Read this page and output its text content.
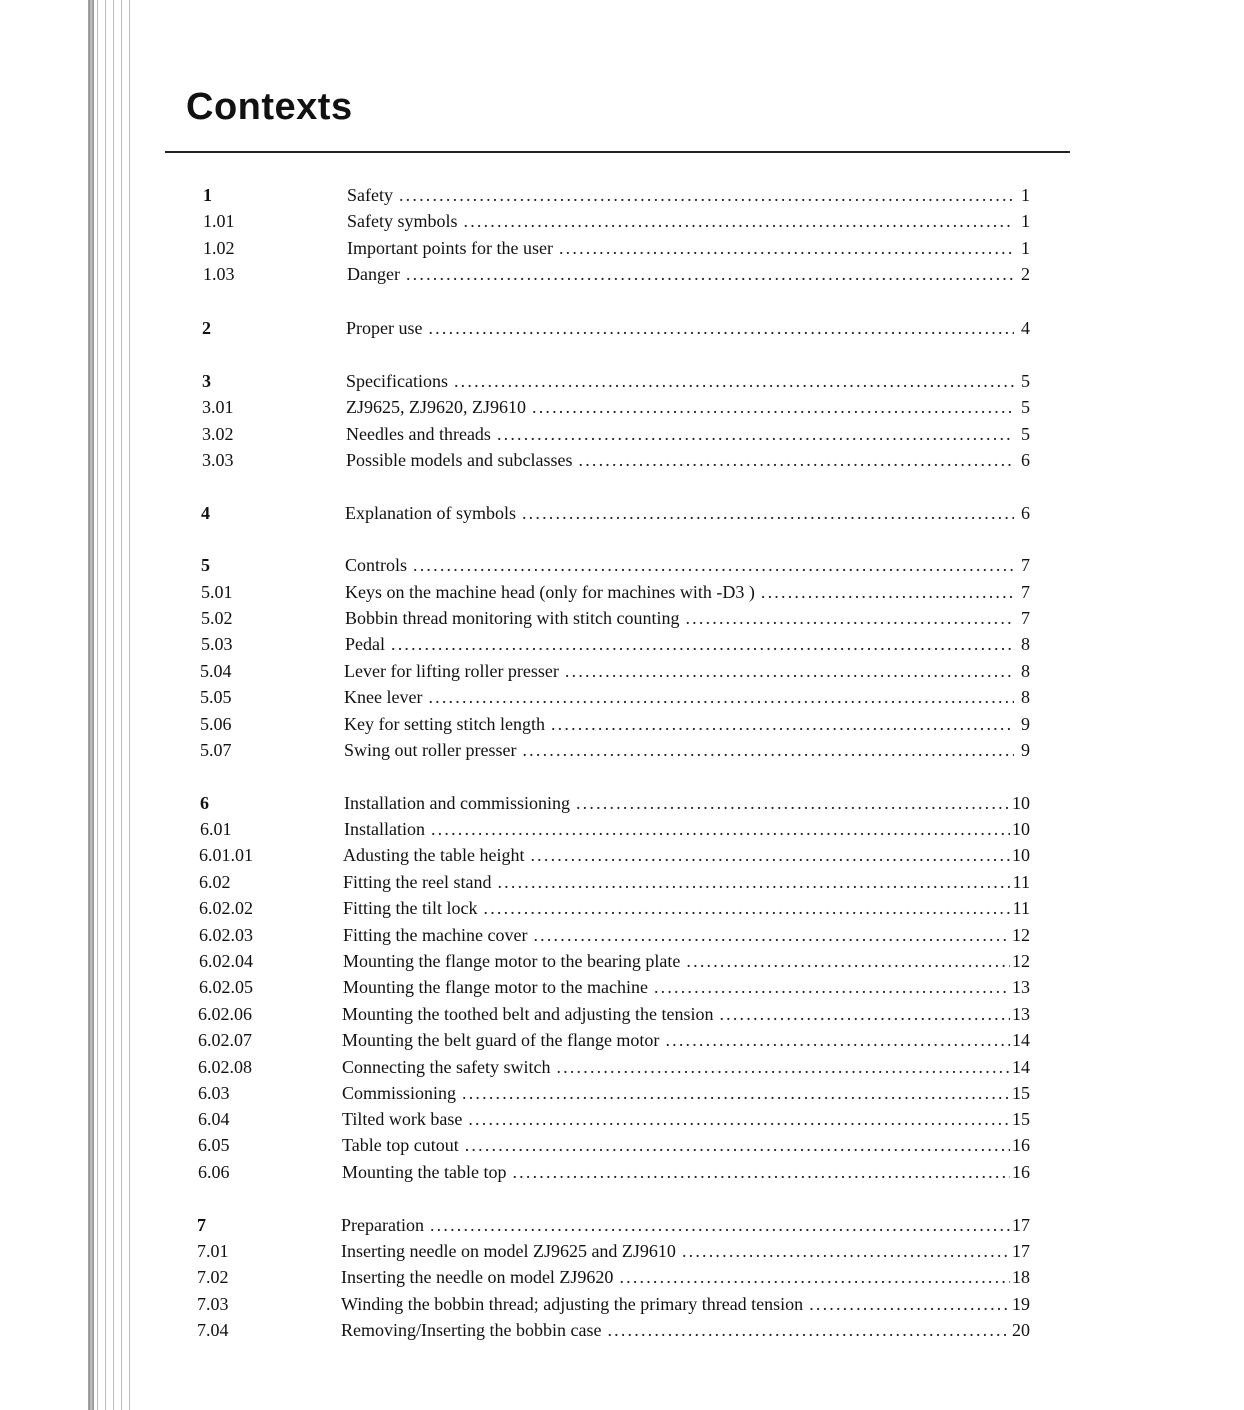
Contexts
1	Safety .....	1
1.01	Safety symbols .....	1
1.02	Important points for the user .....	1
1.03	Danger .....	2
2	Proper use .....	4
3	Specifications .....	5
3.01	ZJ9625, ZJ9620, ZJ9610 .....	5
3.02	Needles and threads .....	5
3.03	Possible models and subclasses .....	6
4	Explanation of symbols .....	6
5	Controls .....	7
5.01	Keys on the machine head (only for machines with -D3 ) .....	7
5.02	Bobbin thread monitoring with stitch counting .....	7
5.03	Pedal .....	8
5.04	Lever for lifting roller presser .....	8
5.05	Knee lever .....	8
5.06	Key for setting stitch length .....	9
5.07	Swing out roller presser .....	9
6	Installation and commissioning .....	10
6.01	Installation .....	10
6.01.01	Adusting the table height .....	10
6.02	Fitting the reel stand .....	11
6.02.02	Fitting the tilt lock .....	11
6.02.03	Fitting the machine cover .....	12
6.02.04	Mounting the flange motor to the bearing plate .....	12
6.02.05	Mounting the flange motor to the machine .....	13
6.02.06	Mounting the toothed belt and adjusting the tension .....	13
6.02.07	Mounting the belt guard of the flange motor .....	14
6.02.08	Connecting the safety switch .....	14
6.03	Commissioning .....	15
6.04	Tilted work base .....	15
6.05	Table top cutout .....	16
6.06	Mounting the table top .....	16
7	Preparation .....	17
7.01	Inserting needle on model ZJ9625 and ZJ9610 .....	17
7.02	Inserting the needle on model ZJ9620 .....	18
7.03	Winding the bobbin thread; adjusting the primary thread tension .....	19
7.04	Removing/Inserting the bobbin case .....	20
